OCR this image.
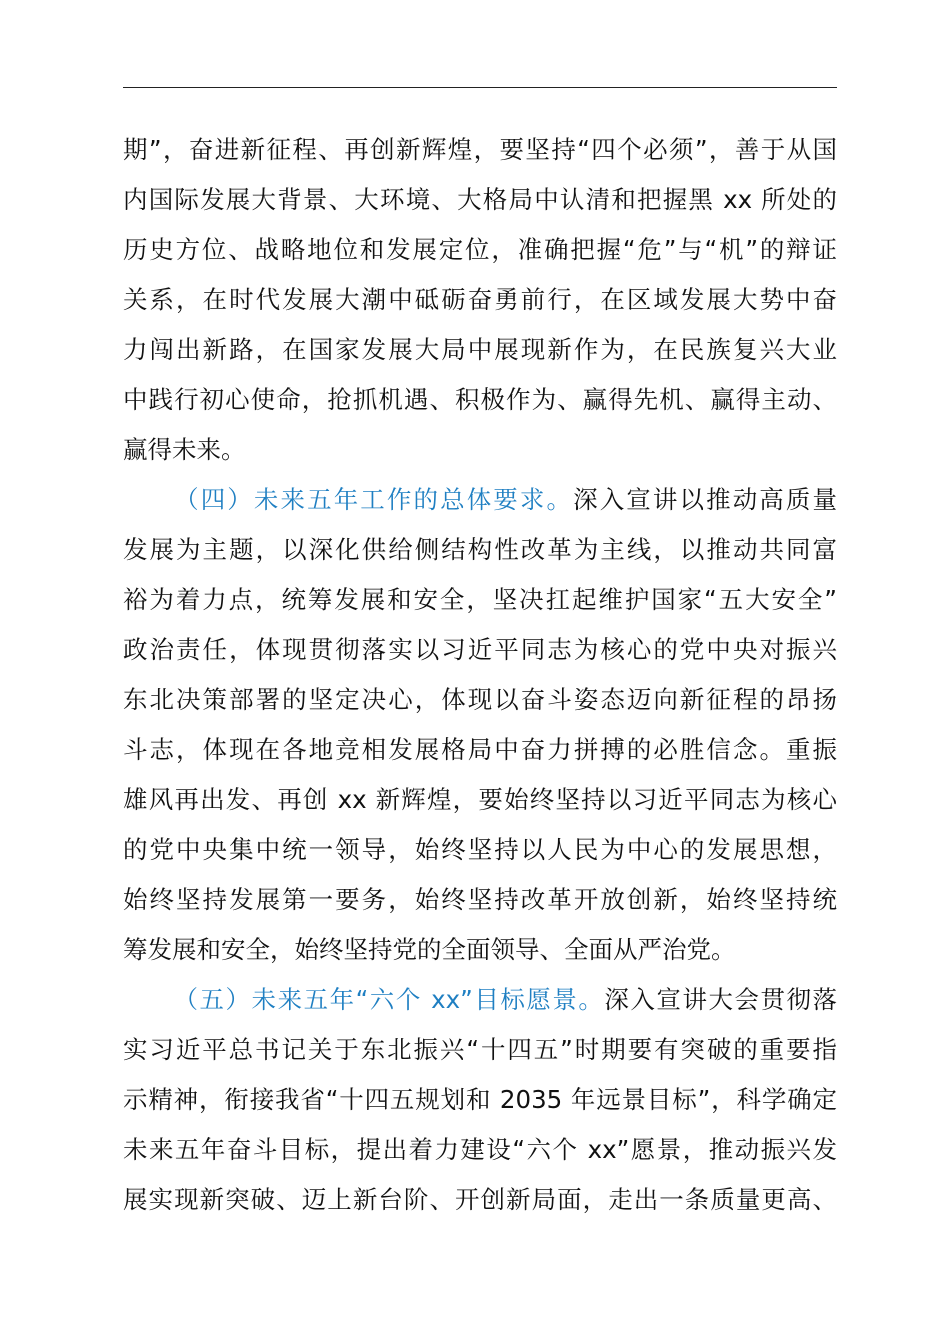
期”，奋进新征程、再创新辉煌，要坚持“四个必须”，善于从国
内国际发展大背景、大环境、大格局中认清和把握黑 xx 所处的
历史方位、战略地位和发展定位，准确把握“危”与“机”的辩证
关系，在时代发展大潮中砥砺奋勇前行，在区域发展大势中奋
力闯出新路，在国家发展大局中展现新作为，在民族复兴大业
中践行初心使命，抢抓机遇、积极作为、赢得先机、赢得主动、
赢得未来。
（四）未来五年工作的总体要求。深入宣讲以推动高质量
发展为主题，以深化供给侧结构性改革为主线，以推动共同富
裕为着力点，统筹发展和安全，坚决扛起维护国家“五大安全”
政治责任，体现贯彻落实以习近平同志为核心的党中央对振兴
东北决策部署的坚定决心，体现以奋斗姿态迈向新征程的昂扬
斗志，体现在各地竞相发展格局中奋力拼搏的必胜信念。重振
雄风再出发、再创 xx 新辉煌，要始终坚持以习近平同志为核心
的党中央集中统一领导，始终坚持以人民为中心的发展思想，
始终坚持发展第一要务，始终坚持改革开放创新，始终坚持统
筹发展和安全，始终坚持党的全面领导、全面从严治党。
（五）未来五年“六个 xx”目标愿景。深入宣讲大会贯彻落
实习近平总书记关于东北振兴“十四五”时期要有突破的重要指
示精神，衔接我省“十四五规划和 2035 年远景目标”，科学确定
未来五年奋斗目标，提出着力建设“六个 xx”愿景，推动振兴发
展实现新突破、迈上新台阶、开创新局面，走出一条质量更高、
